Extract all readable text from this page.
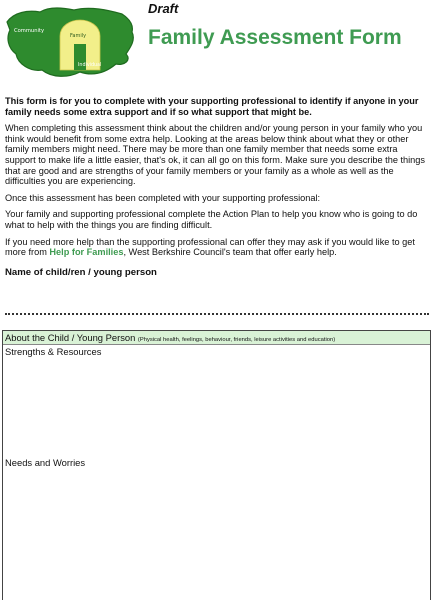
Community
Family
Individual
Draft
Family Assessment Form

This form is for you to complete with your supporting professional to identify if anyone in your family needs some extra support and if so what support that might be.

When completing this assessment think about the children and/or young person in your family who you think would benefit from some extra help. Looking at the areas below think about what they or other family members might need. There may be more than one family member that needs some extra support to make life a little easier, that's ok, it can all go on this form. Make sure you describe the things that are good and are strengths of your family members or your family as a whole as well as the difficulties you are experiencing.

Once this assessment has been completed with your supporting professional:

Your family and supporting professional complete the Action Plan to help you know who is going to do what to help with the things you are finding difficult.

If you need more help than the supporting professional can offer they may ask if you would like to get more from Help for Families, West Berkshire Council's team that offer early help.

Name of child/ren / young person

About the Child / Young Person (Physical health, feelings, behaviour, friends, leisure activities and education)
Strengths & Resources
Needs and Worries
